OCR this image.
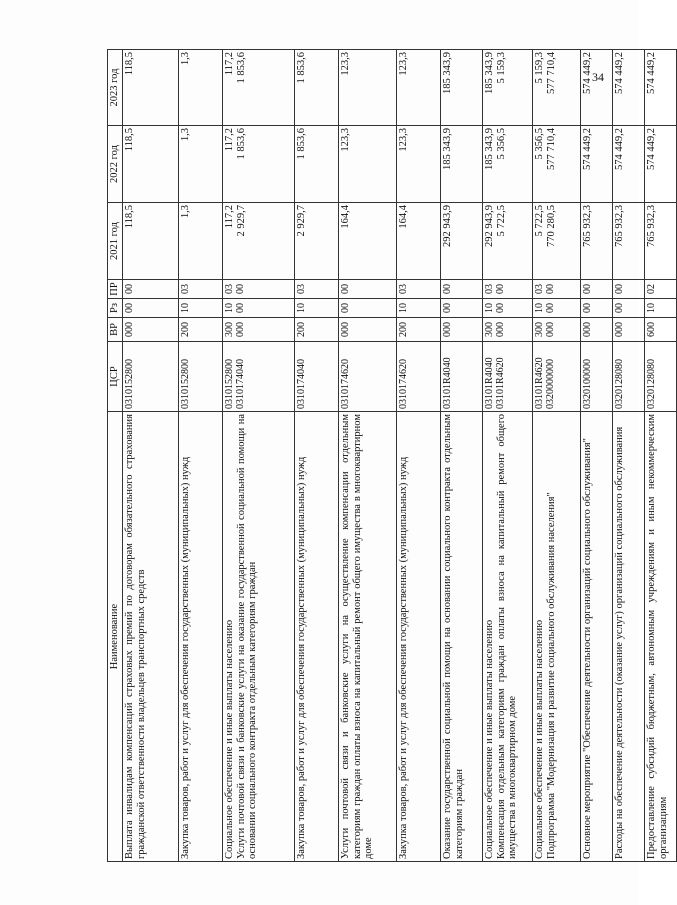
34
Наименование	ЦСР	ВР	Рз	ПР	2021 год	2022 год	2023 год
Выплата инвалидам компенсаций страховых премий по договорам обязательного страхования гражданской ответственности владельцев транспортных средств	0310152800	000	00	00	118,5	118,5	118,5
Закупка товаров, работ и услуг для обеспечения государственных (муниципальных) нужд	0310152800	200	10	03	1,3	1,3	1,3

Социальное обеспечение и иные выплаты населению Услуги почтовой связи и банковские услуги на оказание государственной социальной помощи на основании социального контракта отдельным категориям граждан	0310152800 0310174040	300 000	10 00	03 00	117,2 2 929,7	117,2 1 853,6	117,2 1 853,6

Закупка товаров, работ и услуг для обеспечения государственных (муниципальных) нужд	0310174040	200	10	03	2 929,7	1 853,6	1 853,6
Услуги почтовой связи и банковские услуги на осуществление компенсации отдельным категориям граждан оплаты взноса на капитальный ремонт общего имущества в многоквартирном доме	0310174620	000	00	00	164,4	123,3	123,3
Закупка товаров, работ и услуг для обеспечения государственных (муниципальных) нужд	0310174620	200	10	03	164,4	123,3	123,3
Оказание государственной социальной помощи на основании социального контракта отдельным категориям граждан	03101R4040	000	00	00	292 943,9	185 343,9	185 343,9

Социальное обеспечение и иные выплаты населению Компенсация отдельным категориям граждан оплаты взноса на капитальный ремонт общего имущества в многоквартирном доме	03101R4040 03101R4620	300 000	10 00	03 00	292 943,9 5 722,5	185 343,9 5 356,5	185 343,9 5 159,3

Социальное обеспечение и иные выплаты населению Подпрограмма "Модернизация и развитие социального обслуживания населения"	03101R4620 0320000000	300 000	10 00	03 00	5 722,5 770 280,5	5 356,5 577 710,4	5 159,3 577 710,4

Основное мероприятие "Обеспечение деятельности организаций социального обслуживания"	0320100000	000	00	00	765 932,3	574 449,2	574 449,2
Расходы на обеспечение деятельности (оказание услуг) организаций социального обслуживания	0320128080	000	00	00	765 932,3	574 449,2	574 449,2
Предоставление субсидий бюджетным, автономным учреждениям и иным некоммерческим организациям	0320128080	600	10	02	765 932,3	574 449,2	574 449,2
